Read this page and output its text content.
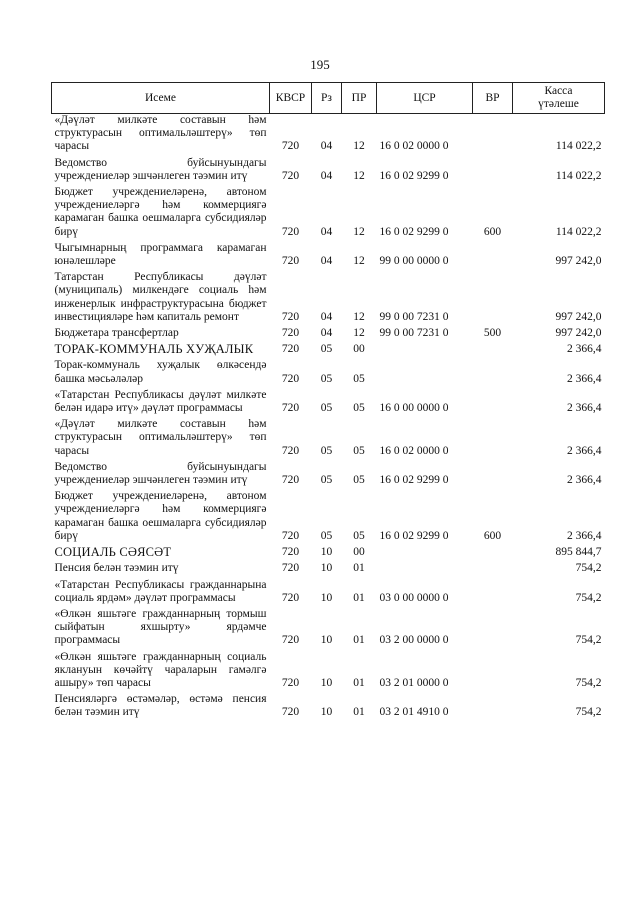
195
Исеме	КВСР	Рз	ПР	ЦСР	ВР	Касса
үтәлеше

«Дәүләт милкәте составын һәм структурасын оптимальләштерү» төп чарасы	720	04	12	16 0 02 0000 0		114 022,2
Ведомство буйсынуындагы учреждениеләр эшчәнлеген тәэмин итү	720	04	12	16 0 02 9299 0		114 022,2
Бюджет учреждениеләренә, автоном учреждениеләргә һәм коммерциягә карамаган башка оешмаларга субсидияләр бирү	720	04	12	16 0 02 9299 0	600	114 022,2
Чыгымнарның программага карамаган юнәлешләре	720	04	12	99 0 00 0000 0		997 242,0
Татарстан Республикасы дәүләт (муниципаль) милкендәге социаль һәм инженерлык инфраструктурасына бюджет инвестицияләре һәм капиталь ремонт	720	04	12	99 0 00 7231 0		997 242,0
Бюджетара трансфертлар	720	04	12	99 0 00 7231 0	500	997 242,0
ТОРАК-КОММУНАЛЬ ХУҖАЛЫК	720	05	00			2 366,4
Торак-коммуналь хуҗалык өлкәсендә башка мәсьәләләр	720	05	05			2 366,4
«Татарстан Республикасы дәүләт милкәте белән идарә итү» дәүләт программасы	720	05	05	16 0 00 0000 0		2 366,4
«Дәүләт милкәте составын һәм структурасын оптимальләштерү» төп чарасы	720	05	05	16 0 02 0000 0		2 366,4
Ведомство буйсынуындагы учреждениеләр эшчәнлеген тәэмин итү	720	05	05	16 0 02 9299 0		2 366,4
Бюджет учреждениеләренә, автоном учреждениеләргә һәм коммерциягә карамаган башка оешмаларга субсидияләр бирү	720	05	05	16 0 02 9299 0	600	2 366,4
СОЦИАЛЬ СӘЯСӘТ	720	10	00			895 844,7
Пенсия белән тәэмин итү	720	10	01			754,2
«Татарстан Республикасы гражданнарына социаль ярдәм» дәүләт программасы	720	10	01	03 0 00 0000 0		754,2
«Өлкән яшьтәге гражданнарның тормыш сыйфатын яхшырту» ярдәмче программасы	720	10	01	03 2 00 0000 0		754,2
«Өлкән яшьтәге гражданнарның социаль яклануын көчәйтү чараларын гамәлгә ашыру» төп чарасы	720	10	01	03 2 01 0000 0		754,2
Пенсияләргә өстәмәләр, өстәмә пенсия белән тәэмин итү	720	10	01	03 2 01 4910 0		754,2
